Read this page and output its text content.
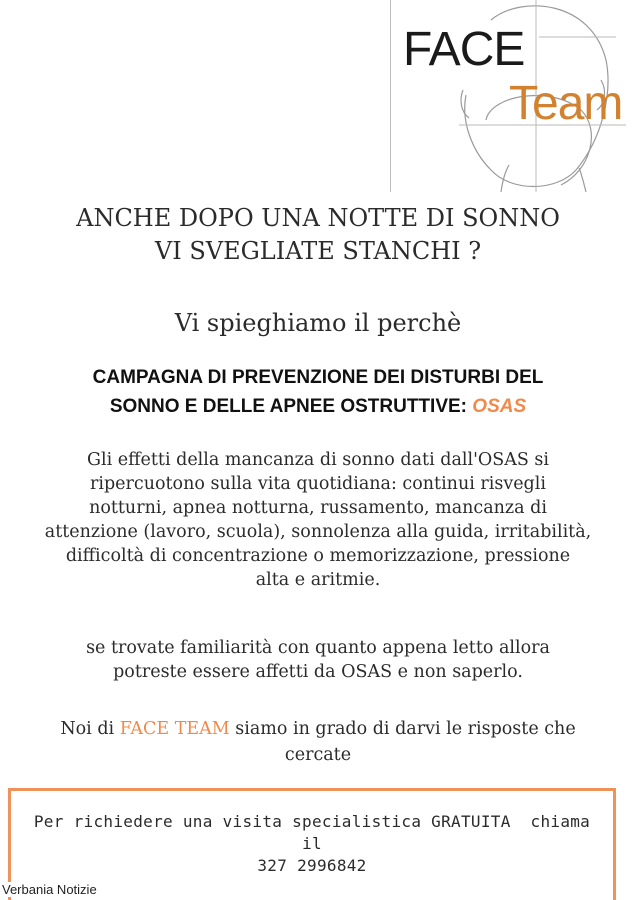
FACE
Team
ANCHE DOPO UNA NOTTE DI SONNO
VI SVEGLIATE STANCHI ?
Vi spieghiamo il perchè
CAMPAGNA DI PREVENZIONE DEI DISTURBI DEL
SONNO E DELLE APNEE OSTRUTTIVE: OSAS
Gli effetti della mancanza di sonno dati dall'OSAS si
ripercuotono sulla vita quotidiana: continui risvegli
notturni, apnea notturna, russamento, mancanza di
attenzione (lavoro, scuola), sonnolenza alla guida, irritabilità,
difficoltà di concentrazione o memorizzazione, pressione
alta e aritmie.
se trovate familiarità con quanto appena letto allora
potreste essere affetti da OSAS e non saperlo.
Noi di FACE TEAM siamo in grado di darvi le risposte che
cercate
Per richiedere una visita specialistica GRATUITA  chiama
il
327 2996842
Verbania Notizie
